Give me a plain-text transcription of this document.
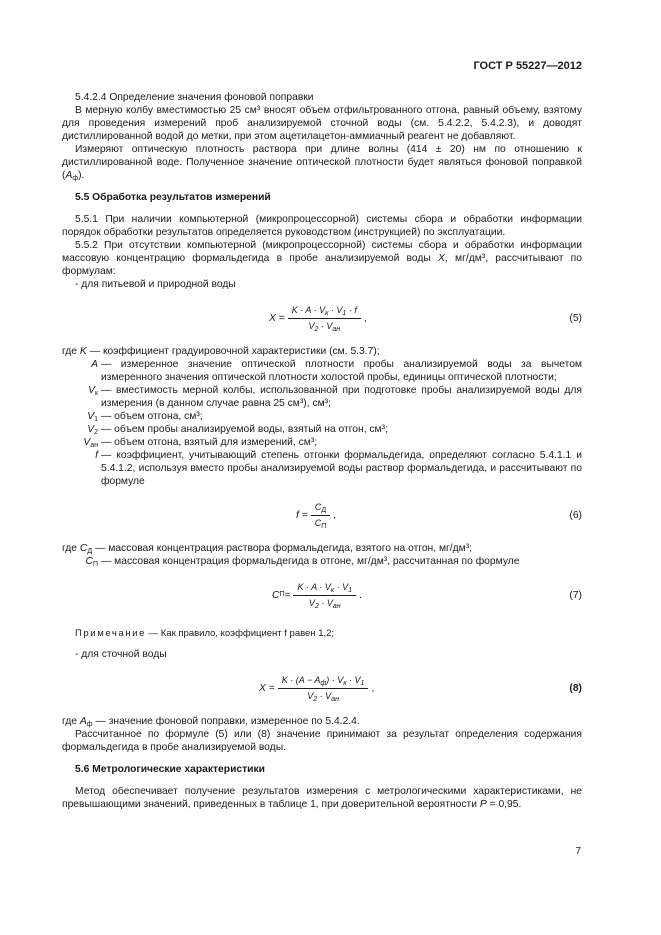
ГОСТ Р 55227—2012

5.4.2.4 Определение значения фоновой поправки

В мерную колбу вместимостью 25 см³ вносят объем отфильтрованного отгона, равный объему, взятому для проведения измерений проб анализируемой сточной воды (см. 5.4.2.2, 5.4.2.3), и доводят дистиллированной водой до метки, при этом ацетилацетон-аммиачный реагент не добавляют.

Измеряют оптическую плотность раствора при длине волны (414 ± 20) нм по отношению к дистиллированной воде. Полученное значение оптической плотности будет являться фоновой поправкой $(A_ф)$.

5.5 Обработка результатов измерений

5.5.1 При наличии компьютерной (микропроцессорной) системы сбора и обработки информации порядок обработки результатов определяется руководством (инструкцией) по эксплуатации.

5.5.2 При отсутствии компьютерной (микропроцессорной) системы сбора и обработки информации массовую концентрацию формальдегида в пробе анализируемой воды X, мг/дм³, рассчитывают по формулам:

- для питьевой и природной воды

$X = \frac{K \cdot A \cdot V_к \cdot V_1 \cdot f}{V_2 \cdot V_{ан}}$ ,	(5)
где K — коэффициент градуировочной характеристики (см. 5.3.7);
A — измеренное значение оптической плотности пробы анализируемой воды за вычетом измеренного значения оптической плотности холостой пробы, единицы оптической плотности;
$V_к$ — вместимость мерной колбы, использованной при подготовке пробы анализируемой воды для измерения (в данном случае равна 25 см³), см³;
$V_1$ — объем отгона, см³;
$V_2$ — объем пробы анализируемой воды, взятый на отгон, см³;
$V_{ан}$ — объем отгона, взятый для измерений, см³;
f — коэффициент, учитывающий степень отгонки формальдегида, определяют согласно 5.4.1.1 и 5.4.1.2, используя вместо пробы анализируемой воды раствор формальдегида, и рассчитывают по формуле
$f = \frac{C_Д}{C_П}$ ,	(6)
где $C_Д$ — массовая концентрация раствора формальдегида, взятого на отгон, мг/дм³;
$C_П$ — массовая концентрация формальдегида в отгоне, мг/дм³, рассчитанная по формуле
C $П = \frac{K \cdot A \cdot V_к \cdot V_1}{V_2 \cdot V_{ан}}$ .	(7)

Примечание — Как правило, коэффициент f равен 1,2;

- для сточной воды

$X = \frac{K \cdot (A - A_ф) \cdot V_к \cdot V_1}{V_2 \cdot V_{ан}}$ ,	(8)
где $A_ф$ — значение фоновой поправки, измеренное по 5.4.2.4.

Рассчитанное по формуле (5) или (8) значение принимают за результат определения содержания формальдегида в пробе анализируемой воды.

5.6 Метрологические характеристики

Метод обеспечивает получение результатов измерения с метрологическими характеристиками, не превышающими значений, приведенных в таблице 1, при доверительной вероятности P = 0,95.

7
